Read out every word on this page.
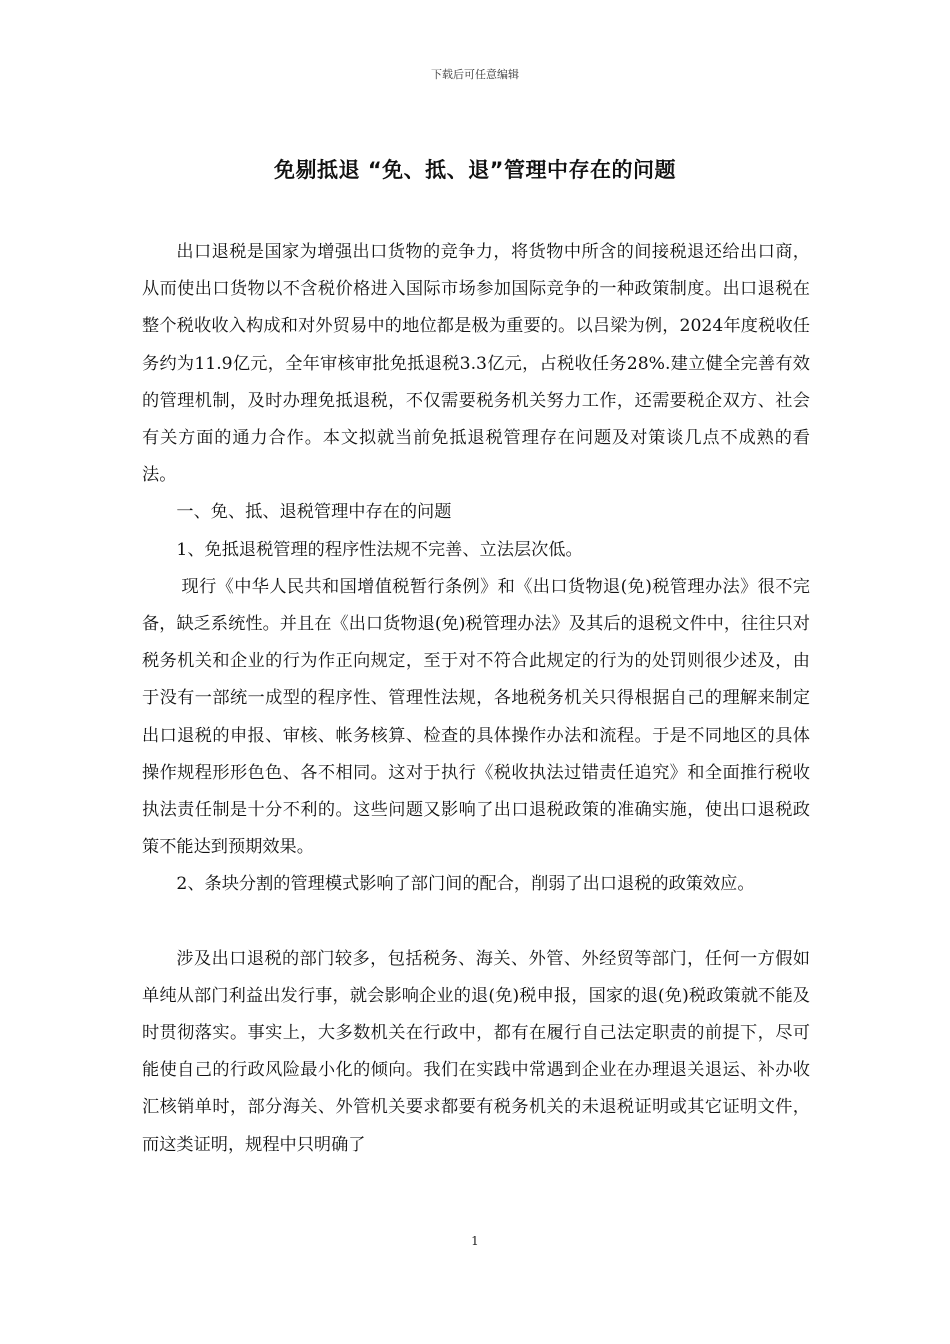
下载后可任意编辑
免剔抵退 “免、抵、退”管理中存在的问题

出口退税是国家为增强出口货物的竞争力，将货物中所含的间接税退还给出口商，从而使出口货物以不含税价格进入国际市场参加国际竞争的一种政策制度。出口退税在整个税收收入构成和对外贸易中的地位都是极为重要的。以吕梁为例，2024年度税收任务约为11.9亿元，全年审核审批免抵退税3.3亿元，占税收任务28%.建立健全完善有效的管理机制，及时办理免抵退税，不仅需要税务机关努力工作，还需要税企双方、社会有关方面的通力合作。本文拟就当前免抵退税管理存在问题及对策谈几点不成熟的看法。

一、免、抵、退税管理中存在的问题

1、免抵退税管理的程序性法规不完善、立法层次低。

现行《中华人民共和国增值税暂行条例》和《出口货物退(免)税管理办法》很不完备，缺乏系统性。并且在《出口货物退(免)税管理办法》及其后的退税文件中，往往只对税务机关和企业的行为作正向规定，至于对不符合此规定的行为的处罚则很少述及，由于没有一部统一成型的程序性、管理性法规，各地税务机关只得根据自己的理解来制定出口退税的申报、审核、帐务核算、检查的具体操作办法和流程。于是不同地区的具体操作规程形形色色、各不相同。这对于执行《税收执法过错责任追究》和全面推行税收执法责任制是十分不利的。这些问题又影响了出口退税政策的准确实施，使出口退税政策不能达到预期效果。

2、条块分割的管理模式影响了部门间的配合，削弱了出口退税的政策效应。

涉及出口退税的部门较多，包括税务、海关、外管、外经贸等部门，任何一方假如单纯从部门利益出发行事，就会影响企业的退(免)税申报，国家的退(免)税政策就不能及时贯彻落实。事实上，大多数机关在行政中，都有在履行自己法定职责的前提下，尽可能使自己的行政风险最小化的倾向。我们在实践中常遇到企业在办理退关退运、补办收汇核销单时，部分海关、外管机关要求都要有税务机关的未退税证明或其它证明文件，而这类证明，规程中只明确了

1
